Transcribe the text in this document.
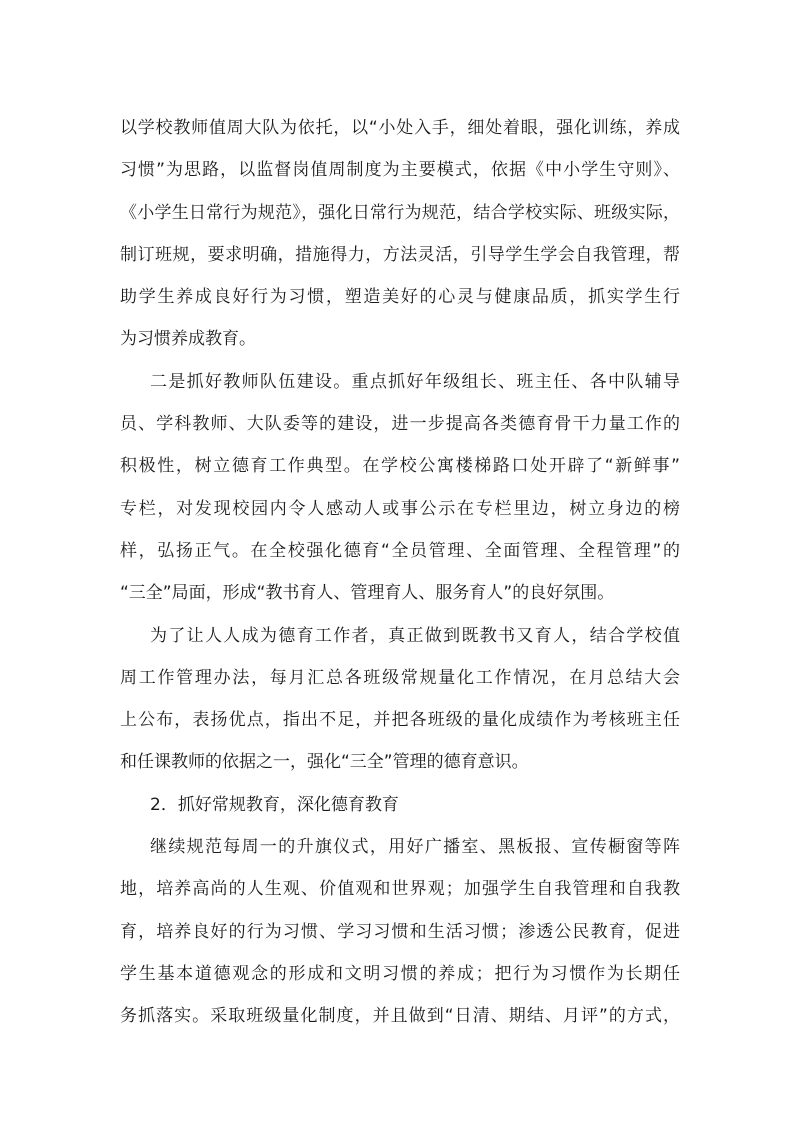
以学校教师值周大队为依托，以“小处入手，细处着眼，强化训练，养成
习惯”为思路，以监督岗值周制度为主要模式，依据《中小学生守则》、
《小学生日常行为规范》，强化日常行为规范，结合学校实际、班级实际，
制订班规，要求明确，措施得力，方法灵活，引导学生学会自我管理，帮
助学生养成良好行为习惯，塑造美好的心灵与健康品质，抓实学生行
为习惯养成教育。
二是抓好教师队伍建设。重点抓好年级组长、班主任、各中队辅导
员、学科教师、大队委等的建设，进一步提高各类德育骨干力量工作的
积极性，树立德育工作典型。在学校公寓楼梯路口处开辟了“新鲜事”
专栏，对发现校园内令人感动人或事公示在专栏里边，树立身边的榜
样，弘扬正气。在全校强化德育“全员管理、全面管理、全程管理”的
“三全”局面，形成“教书育人、管理育人、服务育人”的良好氛围。
为了让人人成为德育工作者，真正做到既教书又育人，结合学校值
周工作管理办法，每月汇总各班级常规量化工作情况，在月总结大会
上公布，表扬优点，指出不足，并把各班级的量化成绩作为考核班主任
和任课教师的依据之一，强化“三全”管理的德育意识。
2．抓好常规教育，深化德育教育
继续规范每周一的升旗仪式，用好广播室、黑板报、宣传橱窗等阵
地，培养高尚的人生观、价值观和世界观；加强学生自我管理和自我教
育，培养良好的行为习惯、学习习惯和生活习惯；渗透公民教育，促进
学生基本道德观念的形成和文明习惯的养成；把行为习惯作为长期任
务抓落实。采取班级量化制度，并且做到“日清、期结、月评”的方式，
